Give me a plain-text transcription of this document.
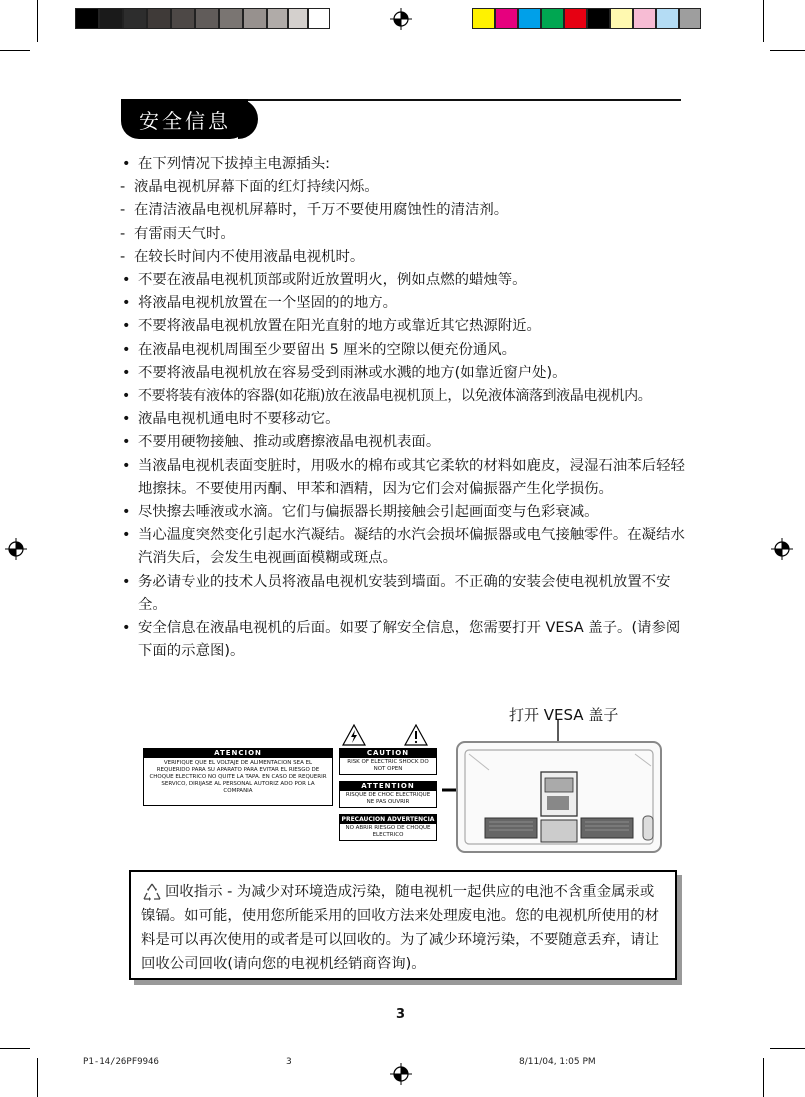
安全信息
• 在下列情况下拔掉主电源插头:
- 液晶电视机屏幕下面的红灯持续闪烁。
- 在清洁液晶电视机屏幕时，千万不要使用腐蚀性的清洁剂。
- 有雷雨天气时。
- 在较长时间内不使用液晶电视机时。
• 不要在液晶电视机顶部或附近放置明火，例如点燃的蜡烛等。
• 将液晶电视机放置在一个坚固的的地方。
• 不要将液晶电视机放置在阳光直射的地方或靠近其它热源附近。
• 在液晶电视机周围至少要留出 5 厘米的空隙以便充份通风。
• 不要将液晶电视机放在容易受到雨淋或水溅的地方(如靠近窗户处)。
• 不要将装有液体的容器(如花瓶)放在液晶电视机顶上，以免液体滴落到液晶电视机内。
• 液晶电视机通电时不要移动它。
• 不要用硬物接触、推动或磨擦液晶电视机表面。
• 当液晶电视机表面变脏时，用吸水的棉布或其它柔软的材料如鹿皮，浸湿石油苯后轻轻地擦抹。不要使用丙酮、甲苯和酒精，因为它们会对偏振器产生化学损伤。
• 尽快擦去唾液或水滴。它们与偏振器长期接触会引起画面变与色彩衰减。
• 当心温度突然变化引起水汽凝结。凝结的水汽会损坏偏振器或电气接触零件。在凝结水汽消失后，会发生电视画面模糊或斑点。
• 务必请专业的技术人员将液晶电视机安装到墙面。不正确的安装会使电视机放置不安全。
• 安全信息在液晶电视机的后面。如要了解安全信息，您需要打开 VESA 盖子。(请参阅下面的示意图)。
打开 VESA 盖子
ATENCION
VERIFIQUE QUE EL VOLTAJE DE ALIMENTACION SEA EL REQUERIDO PARA SU APARATO PARA EVITAR EL RIESGO DE CHOQUE ELECTRICO NO QUITE LA TAPA. EN CASO DE REQUERIR SERVICO, DIRIJASE AL PERSONAL AUTORIZ ADO POR LA COMPANIA
CAUTION
RISK OF ELECTRIC SHOCK DO NOT OPEN
ATTENTION
RISQUE DE CHOC ELECTRIQUE NE PAS OUVRIR
PRECAUCION ADVERTENCIA
NO ABRIR RIESGO DE CHOQUE ELECTRICO

回收指示 - 为减少对环境造成污染，随电视机一起供应的电池不含重金属汞或镍镉。如可能，使用您所能采用的回收方法来处理废电池。您的电视机所使用的材料是可以再次使用的或者是可以回收的。为了减少环境污染，不要随意丢弃，请让回收公司回收(请向您的电视机经销商咨询)。

3
P1-14/26PF9946	3	8/11/04, 1:05 PM
